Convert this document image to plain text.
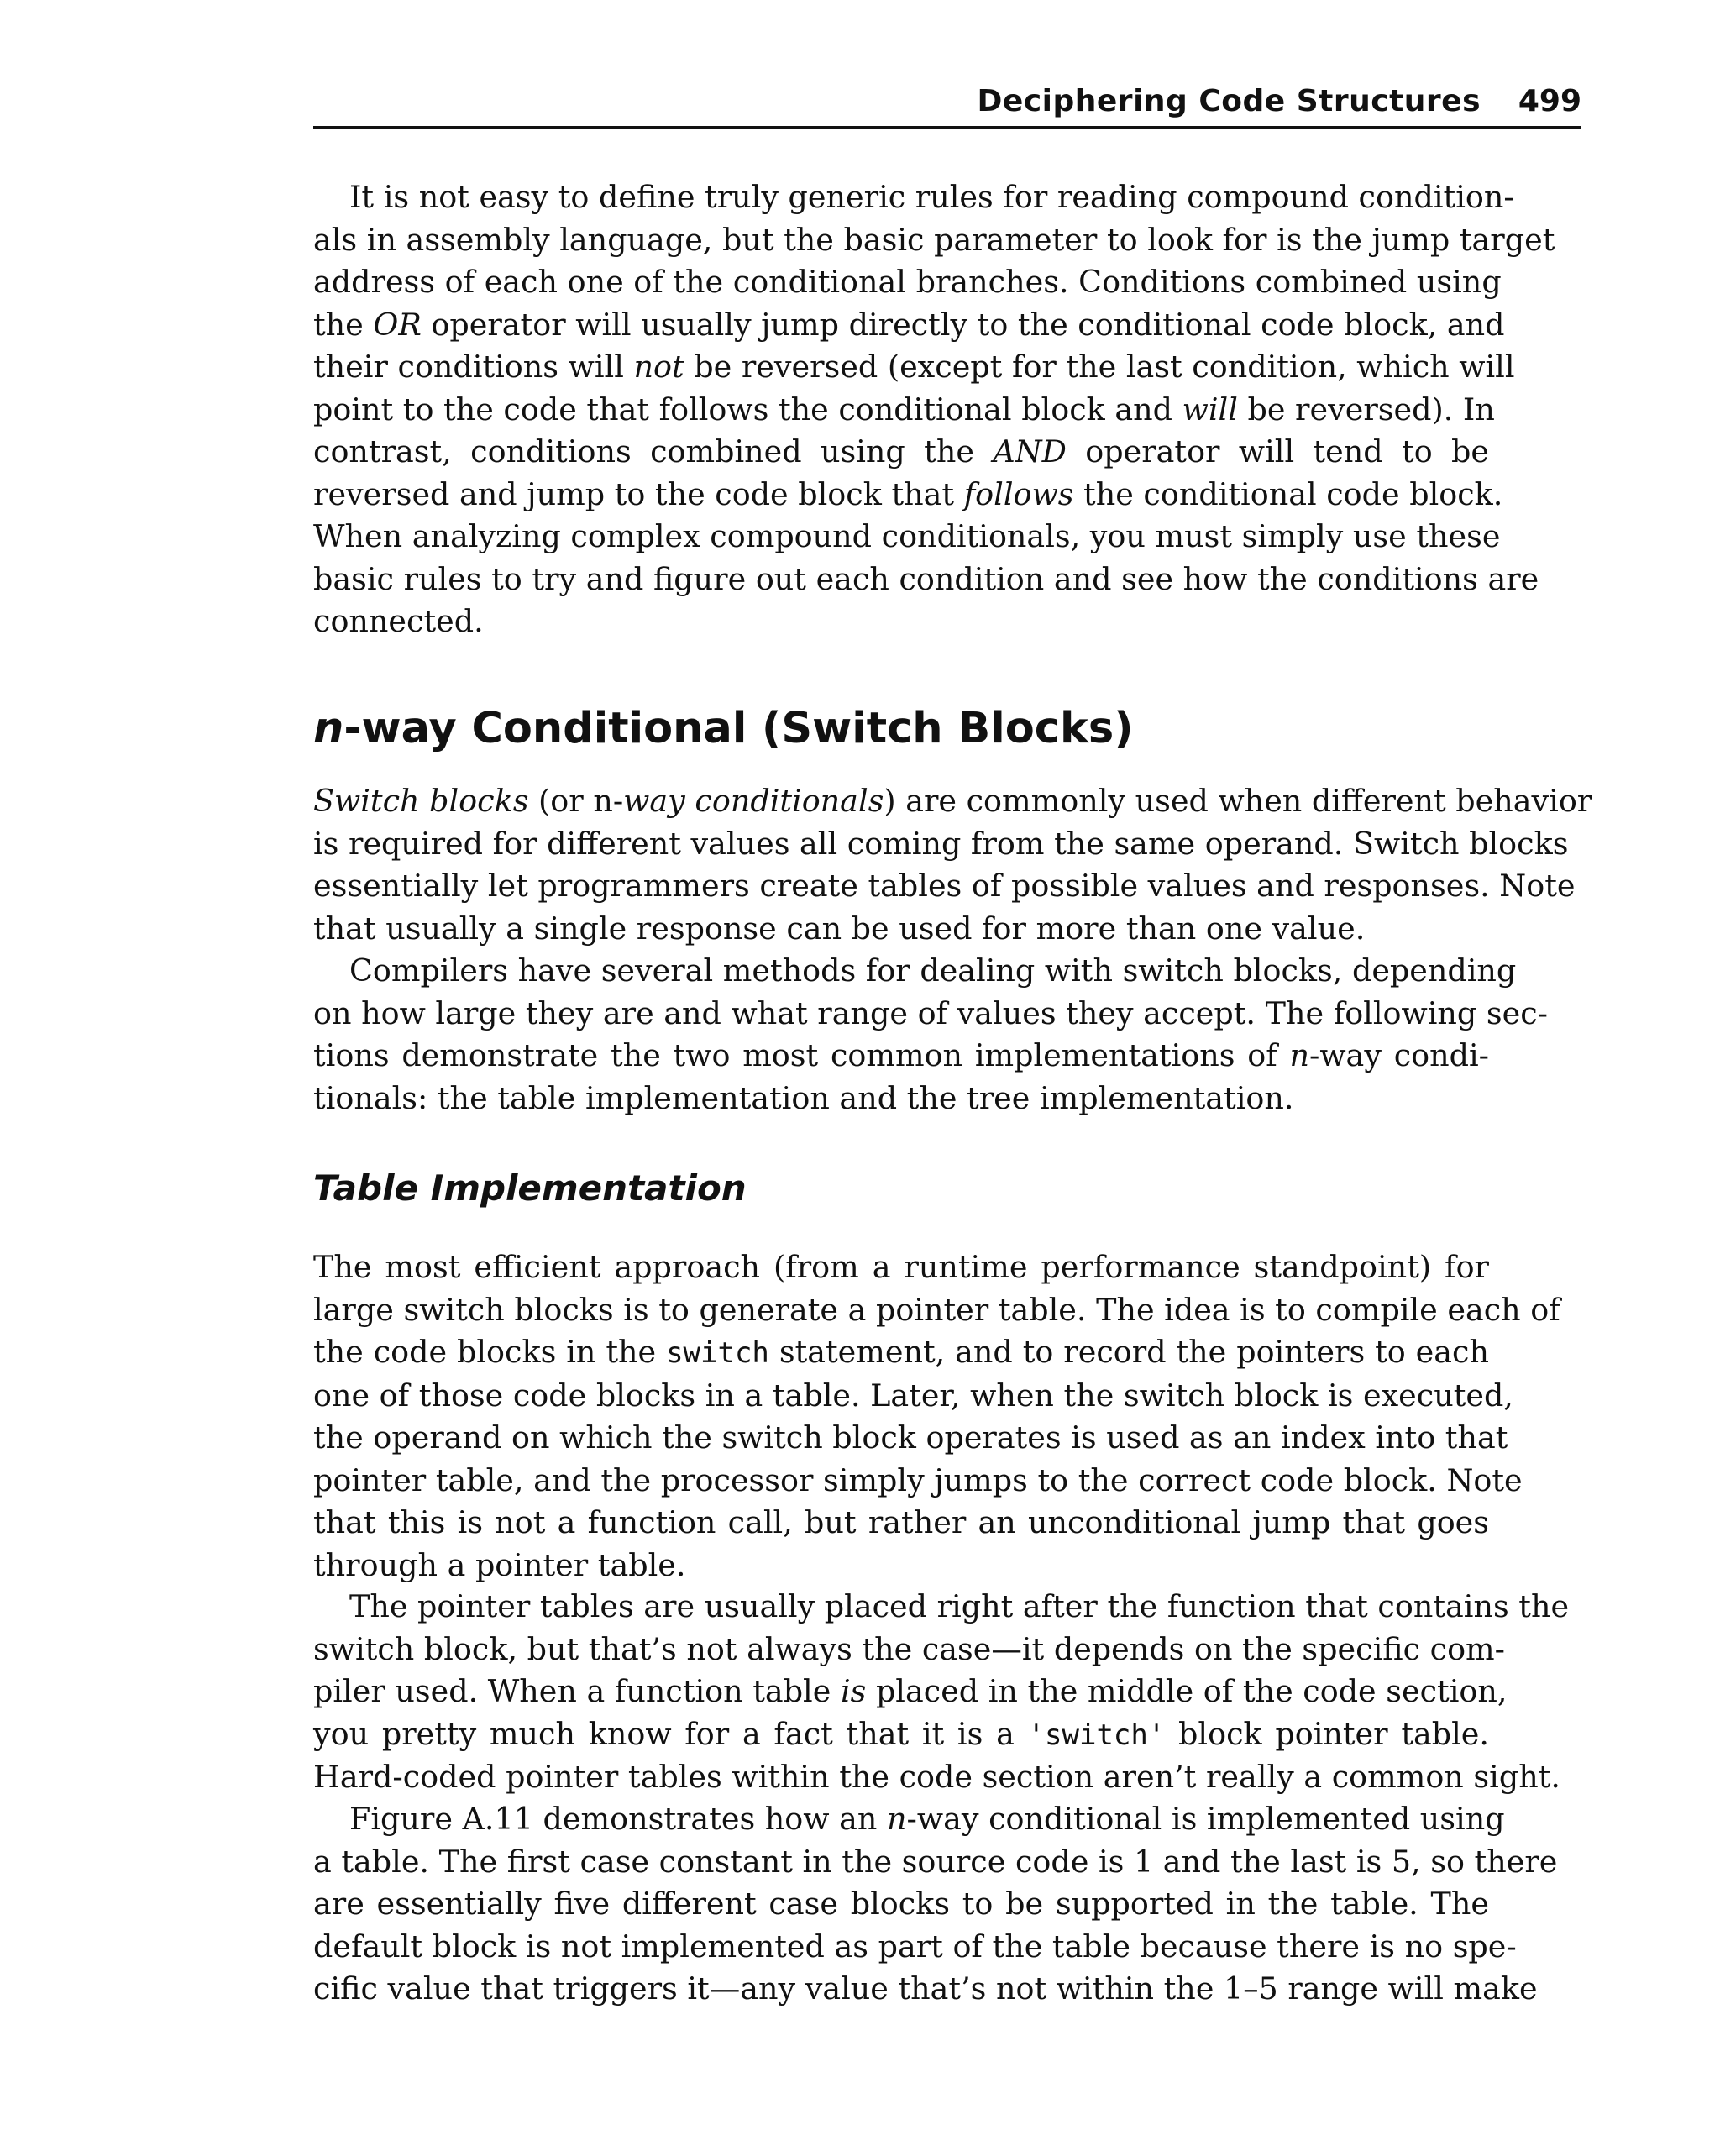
Deciphering Code Structures 499

It is not easy to define truly generic rules for reading compound condition-
als in assembly language, but the basic parameter to look for is the jump target
address of each one of the conditional branches. Conditions combined using
the OR operator will usually jump directly to the conditional code block, and
their conditions will not be reversed (except for the last condition, which will
point to the code that follows the conditional block and will be reversed). In
contrast, conditions combined using the AND operator will tend to be
reversed and jump to the code block that follows the conditional code block.
When analyzing complex compound conditionals, you must simply use these
basic rules to try and figure out each condition and see how the conditions are
connected.

n-way Conditional (Switch Blocks)

Switch blocks (or n-way conditionals) are commonly used when different behavior
is required for different values all coming from the same operand. Switch blocks
essentially let programmers create tables of possible values and responses. Note
that usually a single response can be used for more than one value.

Compilers have several methods for dealing with switch blocks, depending
on how large they are and what range of values they accept. The following sec-
tions demonstrate the two most common implementations of n-way condi-
tionals: the table implementation and the tree implementation.

Table Implementation

The most efficient approach (from a runtime performance standpoint) for
large switch blocks is to generate a pointer table. The idea is to compile each of
the code blocks in the switch statement, and to record the pointers to each
one of those code blocks in a table. Later, when the switch block is executed,
the operand on which the switch block operates is used as an index into that
pointer table, and the processor simply jumps to the correct code block. Note
that this is not a function call, but rather an unconditional jump that goes
through a pointer table.

The pointer tables are usually placed right after the function that contains the
switch block, but that’s not always the case—it depends on the specific com-
piler used. When a function table is placed in the middle of the code section,
you pretty much know for a fact that it is a 'switch' block pointer table.
Hard-coded pointer tables within the code section aren’t really a common sight.

Figure A.11 demonstrates how an n-way conditional is implemented using
a table. The first case constant in the source code is 1 and the last is 5, so there
are essentially five different case blocks to be supported in the table. The
default block is not implemented as part of the table because there is no spe-
cific value that triggers it—any value that’s not within the 1–5 range will make
